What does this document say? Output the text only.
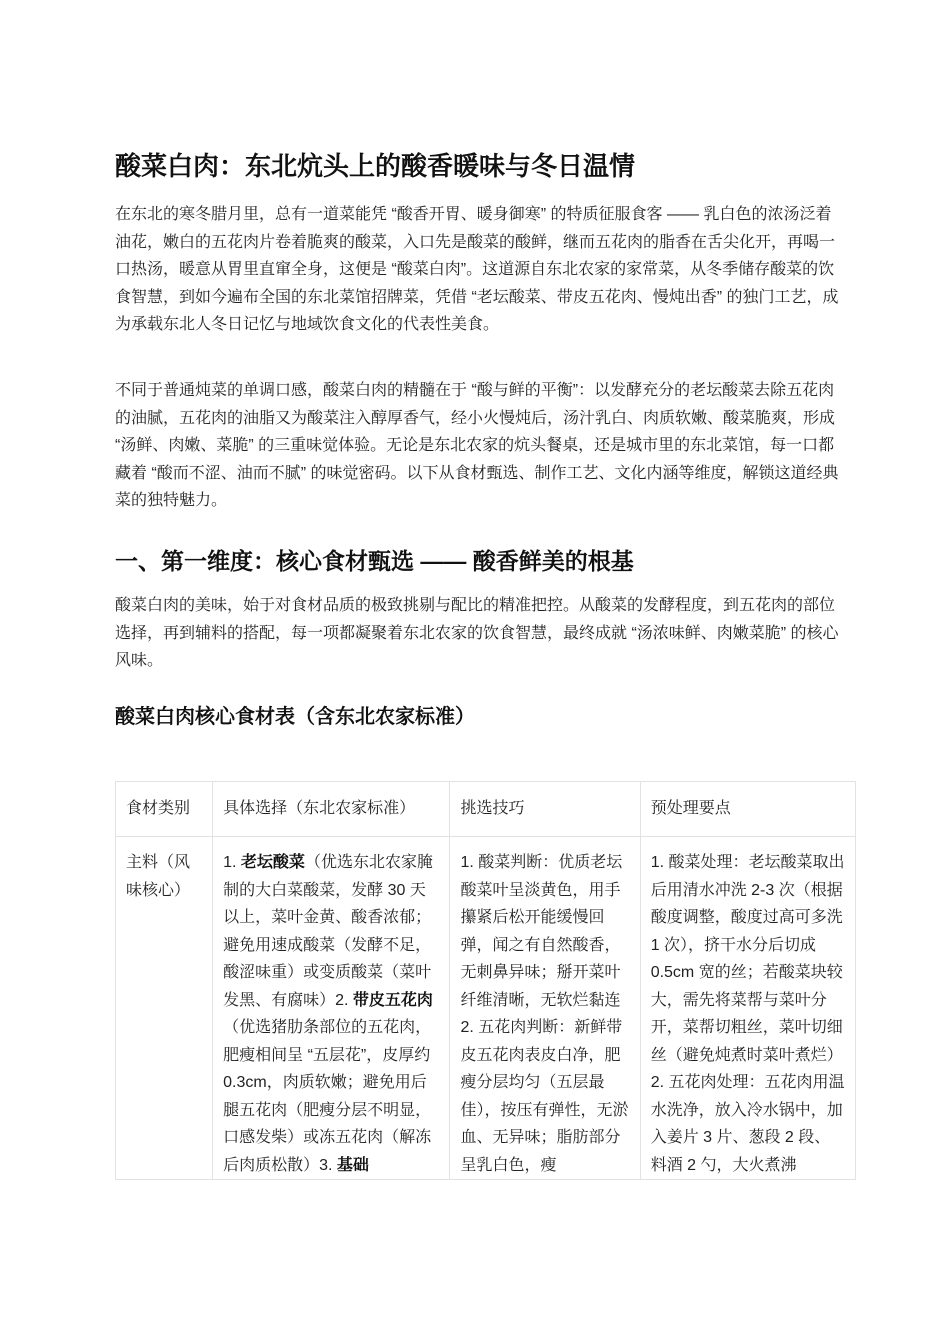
酸菜白肉：东北炕头上的酸香暖味与冬日温情

在东北的寒冬腊月里，总有一道菜能凭 “酸香开胃、暖身御寒” 的特质征服食客 —— 乳白色的浓汤泛着油花，嫩白的五花肉片卷着脆爽的酸菜，入口先是酸菜的酸鲜，继而五花肉的脂香在舌尖化开，再喝一口热汤，暖意从胃里直窜全身，这便是 “酸菜白肉”。这道源自东北农家的家常菜，从冬季储存酸菜的饮食智慧，到如今遍布全国的东北菜馆招牌菜，凭借 “老坛酸菜、带皮五花肉、慢炖出香” 的独门工艺，成为承载东北人冬日记忆与地域饮食文化的代表性美食。

不同于普通炖菜的单调口感，酸菜白肉的精髓在于 “酸与鲜的平衡”：以发酵充分的老坛酸菜去除五花肉的油腻，五花肉的油脂又为酸菜注入醇厚香气，经小火慢炖后，汤汁乳白、肉质软嫩、酸菜脆爽，形成 “汤鲜、肉嫩、菜脆” 的三重味觉体验。无论是东北农家的炕头餐桌，还是城市里的东北菜馆，每一口都藏着 “酸而不涩、油而不腻” 的味觉密码。以下从食材甄选、制作工艺、文化内涵等维度，解锁这道经典菜的独特魅力。

一、第一维度：核心食材甄选 —— 酸香鲜美的根基

酸菜白肉的美味，始于对食材品质的极致挑剔与配比的精准把控。从酸菜的发酵程度，到五花肉的部位选择，再到辅料的搭配，每一项都凝聚着东北农家的饮食智慧，最终成就 “汤浓味鲜、肉嫩菜脆” 的核心风味。

酸菜白肉核心食材表（含东北农家标准）
食材类别	具体选择（东北农家标准）	挑选技巧	预处理要点
主料（风味核心）	1. 老坛酸菜（优选东北农家腌制的大白菜酸菜，发酵 30 天以上，菜叶金黄、酸香浓郁；避免用速成酸菜（发酵不足，酸涩味重）或变质酸菜（菜叶发黑、有腐味）2. 带皮五花肉（优选猪肋条部位的五花肉，肥瘦相间呈 “五层花”，皮厚约 0.3cm，肉质软嫩；避免用后腿五花肉（肥瘦分层不明显，口感发柴）或冻五花肉（解冻后肉质松散）3. 基础	1. 酸菜判断：优质老坛酸菜叶呈淡黄色，用手攥紧后松开能缓慢回弹，闻之有自然酸香，无刺鼻异味；掰开菜叶纤维清晰，无软烂黏连 2. 五花肉判断：新鲜带皮五花肉表皮白净，肥瘦分层均匀（五层最佳），按压有弹性，无淤血、无异味；脂肪部分呈乳白色，瘦	1. 酸菜处理：老坛酸菜取出后用清水冲洗 2-3 次（根据酸度调整，酸度过高可多洗 1 次），挤干水分后切成 0.5cm 宽的丝；若酸菜块较大，需先将菜帮与菜叶分开，菜帮切粗丝，菜叶切细丝（避免炖煮时菜叶煮烂）2. 五花肉处理：五花肉用温水洗净，放入冷水锅中，加入姜片 3 片、葱段 2 段、料酒 2 勺，大火煮沸
